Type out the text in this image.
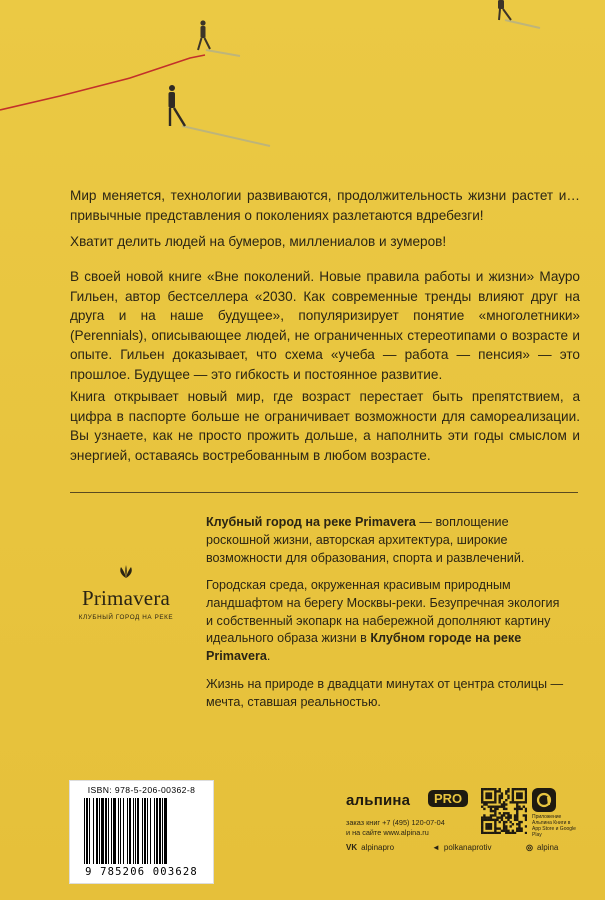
Мир меняется, технологии развиваются, продолжительность жизни растет и… привычные представления о поколениях разлетаются вдребезги!

Хватит делить людей на бумеров, миллениалов и зумеров!

В своей новой книге «Вне поколений. Новые правила работы и жизни» Мауро Гильен, автор бестселлера «2030. Как современные тренды влияют друг на друга и на наше будущее», популяризирует понятие «многолетники» (Perennials), описывающее людей, не ограниченных стереотипами о возрасте и опыте. Гильен доказывает, что схема «учеба — работа — пенсия» — это прошлое. Будущее — это гибкость и постоянное развитие.

Книга открывает новый мир, где возраст перестает быть препятствием, а цифра в паспорте больше не ограничивает возможности для самореализации. Вы узнаете, как не просто прожить дольше, а наполнить эти годы смыслом и энергией, оставаясь востребованным в любом возрасте.

Primavera
КЛУБНЫЙ ГОРОД НА РЕКЕ

Клубный город на реке Primavera — воплощение роскошной жизни, авторская архитектура, широкие возможности для образования, спорта и развлечений.

Городская среда, окруженная красивым природным ландшафтом на берегу Москвы-реки. Безупречная экология и собственный экопарк на набережной дополняют картину идеального образа жизни в Клубном городе на реке Primavera.

Жизнь на природе в двадцати минутах от центра столицы — мечта, ставшая реальностью.

ISBN: 978-5-206-00362-8
9 785206 003628
альпина	PRO
заказ книг +7 (495) 120-07-04
и на сайте www.alpina.ru
Приложение Альпина Книги в App Store и Google Play
VK alpinapro	◄ polkanaprotiv	◎ alpina
